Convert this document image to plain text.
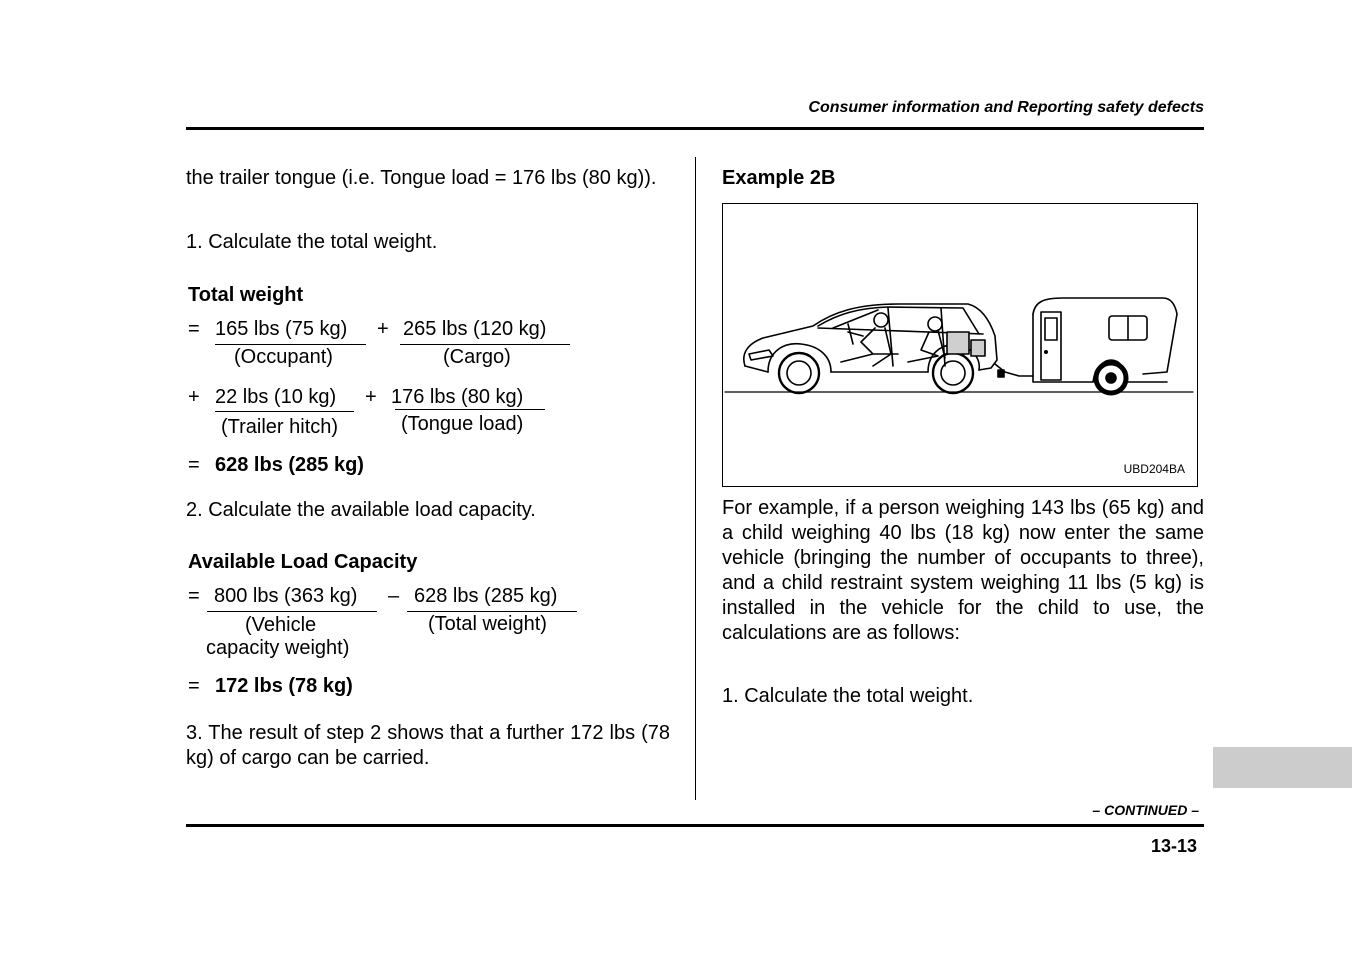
Consumer information and Reporting safety defects
the trailer tongue (i.e. Tongue load = 176 lbs (80 kg)).
1. Calculate the total weight.
Total weight
= 165 lbs (75 kg) + 265 lbs (120 kg)
(Occupant)	(Cargo)
+ 22 lbs (10 kg) + 176 lbs (80 kg)
(Trailer hitch)	(Tongue load)
= 628 lbs (285 kg)
2. Calculate the available load capacity.
Available Load Capacity
= 800 lbs (363 kg) – 628 lbs (285 kg)
(Vehicle
capacity weight)
(Total weight)
= 172 lbs (78 kg)
3. The result of step 2 shows that a further 172 lbs (78 kg) of cargo can be carried.
Example 2B
UBD204BA
For example, if a person weighing 143 lbs (65 kg) and a child weighing 40 lbs (18 kg) now enter the same vehicle (bringing the number of occupants to three), and a child restraint system weighing 11 lbs (5 kg) is installed in the vehicle for the child to use, the calculations are as follows:
1. Calculate the total weight.
– CONTINUED –
13-13
